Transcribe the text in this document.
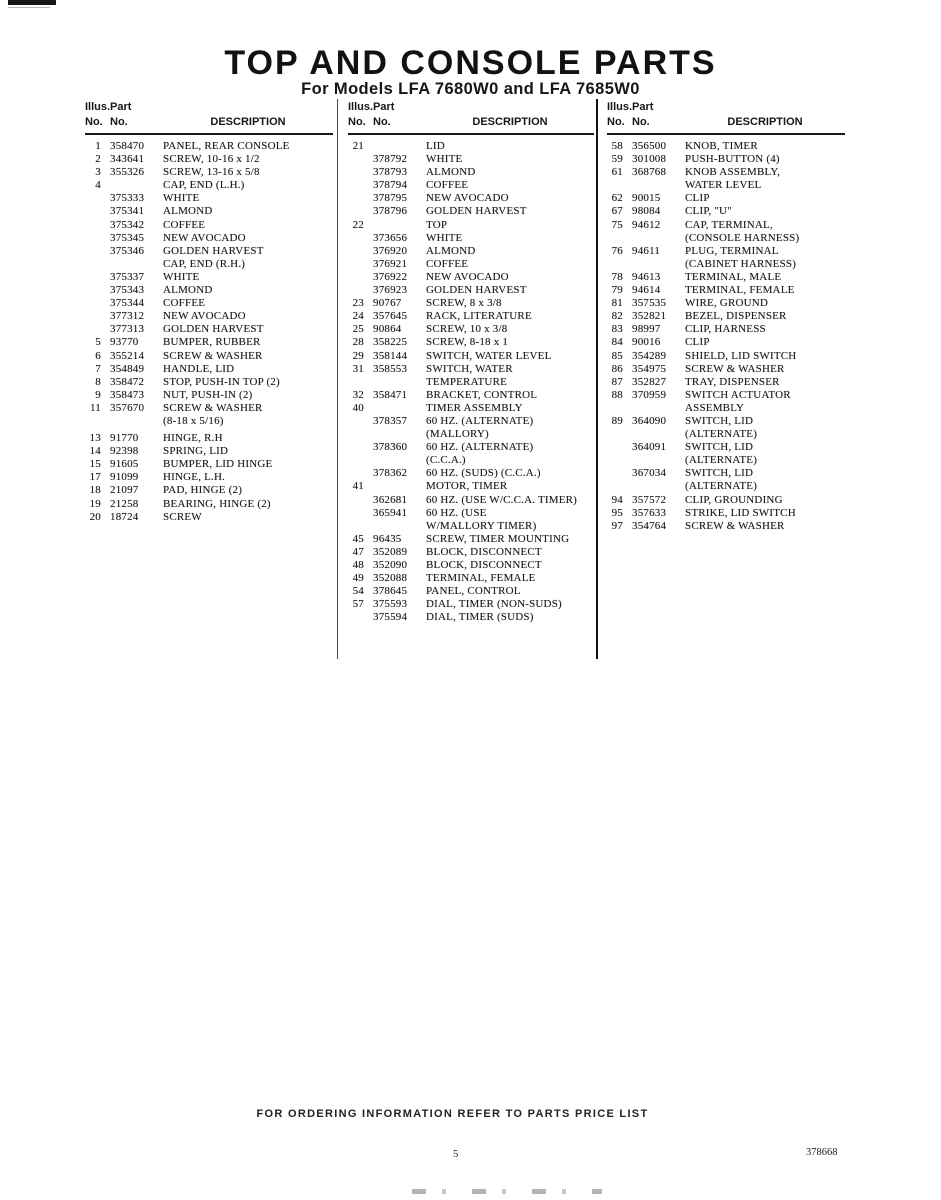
TOP AND CONSOLE PARTS
For Models LFA 7680W0 and LFA 7685W0
Illus. Part
No. No.	DESCRIPTION
1 358470	PANEL, REAR CONSOLE
2 343641	SCREW, 10-16 x 1/2
3 355326	SCREW, 13-16 x 5/8
4	CAP, END (L.H.)
375333	WHITE
375341	ALMOND
375342	COFFEE
375345	NEW AVOCADO
375346	GOLDEN HARVEST
CAP, END (R.H.)
375337	WHITE
375343	ALMOND
375344	COFFEE
377312	NEW AVOCADO
377313	GOLDEN HARVEST
5 93770	BUMPER, RUBBER
6 355214	SCREW & WASHER
7 354849	HANDLE, LID
8 358472	STOP, PUSH-IN TOP (2)
9 358473	NUT, PUSH-IN (2)
11 357670	SCREW & WASHER
(8-18 x 5/16)
13 91770	HINGE, R.H
14 92398	SPRING, LID
15 91605	BUMPER, LID HINGE
17 91099	HINGE, L.H.
18 21097	PAD, HINGE (2)
19 21258	BEARING, HINGE (2)
20 18724	SCREW
Illus. Part
No. No.	DESCRIPTION
21	LID
378792	WHITE
378793	ALMOND
378794	COFFEE
378795	NEW AVOCADO
378796	GOLDEN HARVEST
22	TOP
373656	WHITE
376920	ALMOND
376921	COFFEE
376922	NEW AVOCADO
376923	GOLDEN HARVEST
23 90767	SCREW, 8 x 3/8
24 357645	RACK, LITERATURE
25 90864	SCREW, 10 x 3/8
28 358225	SCREW, 8-18 x 1
29 358144	SWITCH, WATER LEVEL
31 358553	SWITCH, WATER
TEMPERATURE
32 358471	BRACKET, CONTROL
40	TIMER ASSEMBLY
378357	60 HZ. (ALTERNATE)
(MALLORY)
378360	60 HZ. (ALTERNATE)
(C.C.A.)
378362	60 HZ. (SUDS) (C.C.A.)
41	MOTOR, TIMER
362681	60 HZ. (USE W/C.C.A. TIMER)
365941	60 HZ. (USE
W/MALLORY TIMER)
45 96435	SCREW, TIMER MOUNTING
47 352089	BLOCK, DISCONNECT
48 352090	BLOCK, DISCONNECT
49 352088	TERMINAL, FEMALE
54 378645	PANEL, CONTROL
57 375593	DIAL, TIMER (NON-SUDS)
375594	DIAL, TIMER (SUDS)
Illus. Part
No. No.	DESCRIPTION
58 356500	KNOB, TIMER
59 301008	PUSH-BUTTON (4)
61 368768	KNOB ASSEMBLY,
WATER LEVEL
62 90015	CLIP
67 98084	CLIP, "U"
75 94612	CAP, TERMINAL,
(CONSOLE HARNESS)
76 94611	PLUG, TERMINAL
(CABINET HARNESS)
78 94613	TERMINAL, MALE
79 94614	TERMINAL, FEMALE
81 357535	WIRE, GROUND
82 352821	BEZEL, DISPENSER
83 98997	CLIP, HARNESS
84 90016	CLIP
85 354289	SHIELD, LID SWITCH
86 354975	SCREW & WASHER
87 352827	TRAY, DISPENSER
88 370959	SWITCH ACTUATOR
ASSEMBLY
89 364090	SWITCH, LID
(ALTERNATE)
364091	SWITCH, LID
(ALTERNATE)
367034	SWITCH, LID
(ALTERNATE)
94 357572	CLIP, GROUNDING
95 357633	STRIKE, LID SWITCH
97 354764	SCREW & WASHER
FOR ORDERING INFORMATION REFER TO PARTS PRICE LIST
5	378668
